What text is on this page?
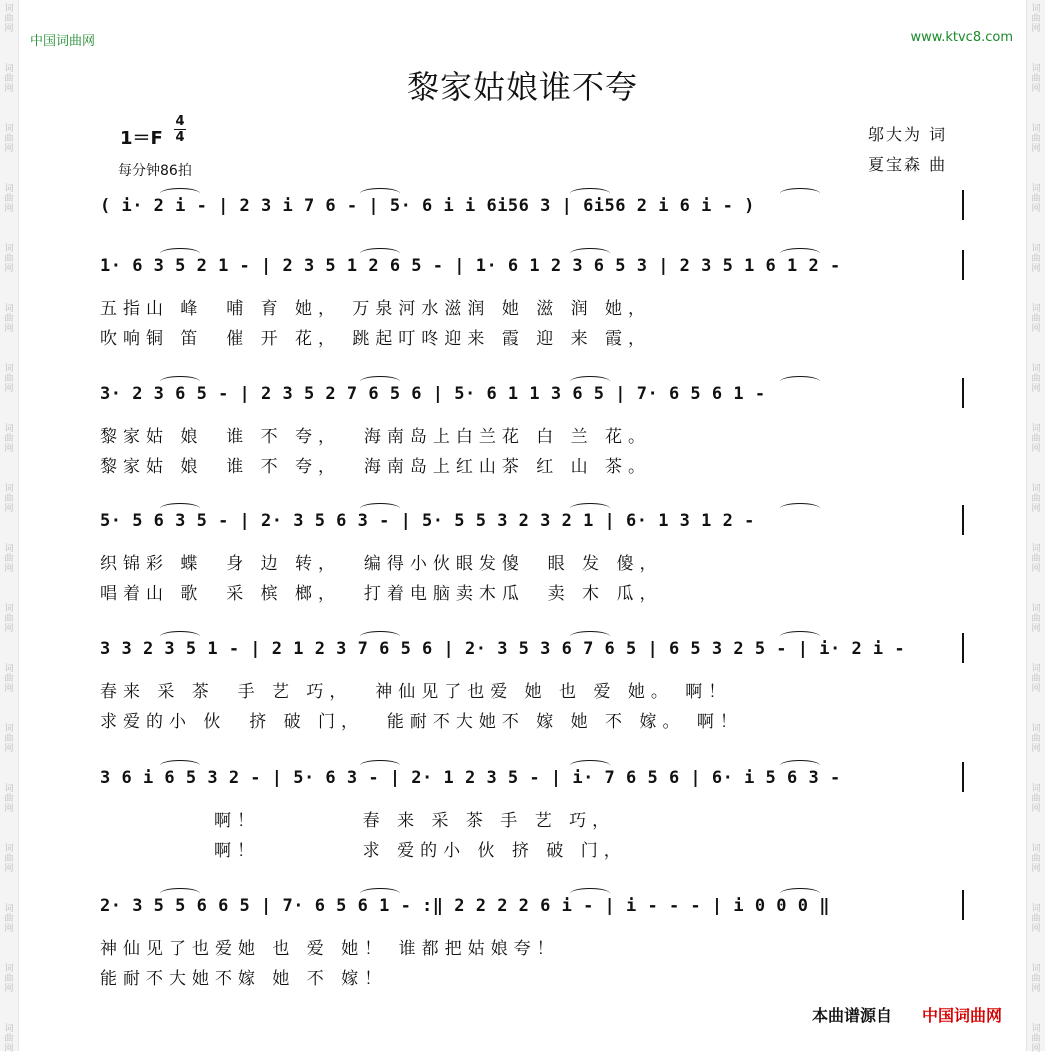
词
曲
网
词
曲
网
词
曲
网
词
曲
网
词
曲
网
词
曲
网
词
曲
网
词
曲
网
词
曲
网
词
曲
网
词
曲
网
词
曲
网
词
曲
网
词
曲
网
词
曲
网
词
曲
网
词
曲
网
词
曲
网
词
曲
网
词
曲
网
词
曲
网
词
曲
网
词
曲
网
词
曲
网
词
曲
网
词
曲
网
词
曲
网
词
曲
网
词
曲
网
词
曲
网
词
曲
网
词
曲
网
词
曲
网
词
曲
网
词
曲
网
词
曲
网
中国词曲网	www.ktvc8.com
黎家姑娘谁不夸
1＝F
4
4
每分钟86拍
邬大为 词
夏宝森 曲
( i· 2 i - | 2 3 i 7 6 - | 5· 6 i i 6i56 3 | 6i56 2 i 6 i - )
1· 6 3 5 2 1 - | 2 3 5 1 2 6 5 - | 1· 6 1 2 3 6 5 3 | 2 3 5 1 6 1 2 -
五指山 峰  哺 育 她， 万泉河水滋润 她 滋 润 她，
吹响铜 笛  催 开 花， 跳起叮咚迎来 霞 迎 来 霞，
3· 2 3 6 5 - | 2 3 5 2 7 6 5 6 | 5· 6 1 1 3 6 5 | 7· 6 5 6 1 -
黎家姑 娘  谁 不 夸，  海南岛上白兰花 白 兰 花。
黎家姑 娘  谁 不 夸，  海南岛上红山茶 红 山 茶。
5· 5 6 3 5 - | 2· 3 5 6 3 - | 5· 5 5 3 2 3 2 1 | 6· 1 3 1 2 -
织锦彩 蝶  身 边 转，  编得小伙眼发傻  眼 发 傻，
唱着山 歌  采 槟 榔，  打着电脑卖木瓜  卖 木 瓜，
3 3 2 3 5 1 - | 2 1 2 3 7 6 5 6 | 2· 3 5 3 6 7 6 5 | 6 5 3 2 5 - | i· 2 i -
春来 采 茶  手 艺 巧，  神仙见了也爱 她 也 爱 她。 啊！
求爱的小 伙  挤 破 门，  能耐不大她不 嫁 她 不 嫁。 啊！
3 6 i 6 5 3 2 - | 5· 6 3 - | 2· 1 2 3 5 - | i· 7 6 5 6 | 6· i 5 6 3 -
啊！         春 来 采 茶 手 艺 巧，
啊！         求 爱的小 伙 挤 破 门，
2· 3 5 5 6 6 5 | 7· 6 5 6 1 - :‖ 2 2 2 2 6 i - | i - - - | i 0 0 0 ‖
神仙见了也爱她 也 爱 她！ 谁都把姑娘夸！
能耐不大她不嫁 她 不 嫁！
本曲谱源自 中国词曲网
